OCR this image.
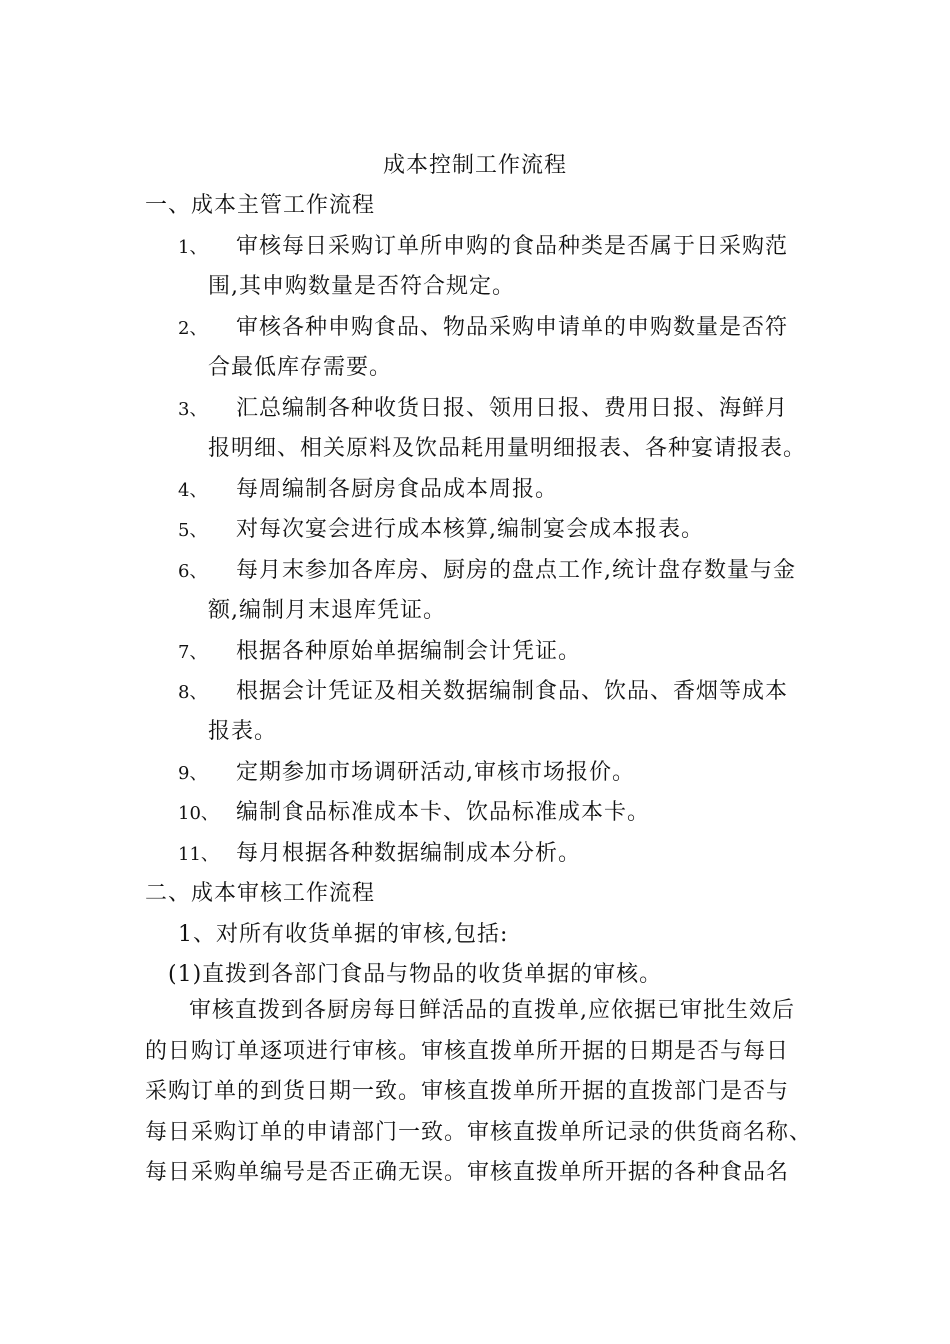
成本控制工作流程
一、成本主管工作流程
1、 审核每日采购订单所申购的食品种类是否属于日采购范
围,其申购数量是否符合规定。
2、 审核各种申购食品、物品采购申请单的申购数量是否符
合最低库存需要。
3、 汇总编制各种收货日报、领用日报、费用日报、海鲜月
报明细、相关原料及饮品耗用量明细报表、各种宴请报表。
4、 每周编制各厨房食品成本周报。
5、 对每次宴会进行成本核算,编制宴会成本报表。
6、 每月末参加各库房、厨房的盘点工作,统计盘存数量与金
额,编制月末退库凭证。
7、 根据各种原始单据编制会计凭证。
8、 根据会计凭证及相关数据编制食品、饮品、香烟等成本
报表。
9、 定期参加市场调研活动,审核市场报价。
10、 编制食品标准成本卡、饮品标准成本卡。
11、 每月根据各种数据编制成本分析。
二、成本审核工作流程
1、对所有收货单据的审核,包括:
(1)直拨到各部门食品与物品的收货单据的审核。
审核直拨到各厨房每日鲜活品的直拨单,应依据已审批生效后
的日购订单逐项进行审核。审核直拨单所开据的日期是否与每日
采购订单的到货日期一致。审核直拨单所开据的直拨部门是否与
每日采购订单的申请部门一致。审核直拨单所记录的供货商名称、
每日采购单编号是否正确无误。审核直拨单所开据的各种食品名
